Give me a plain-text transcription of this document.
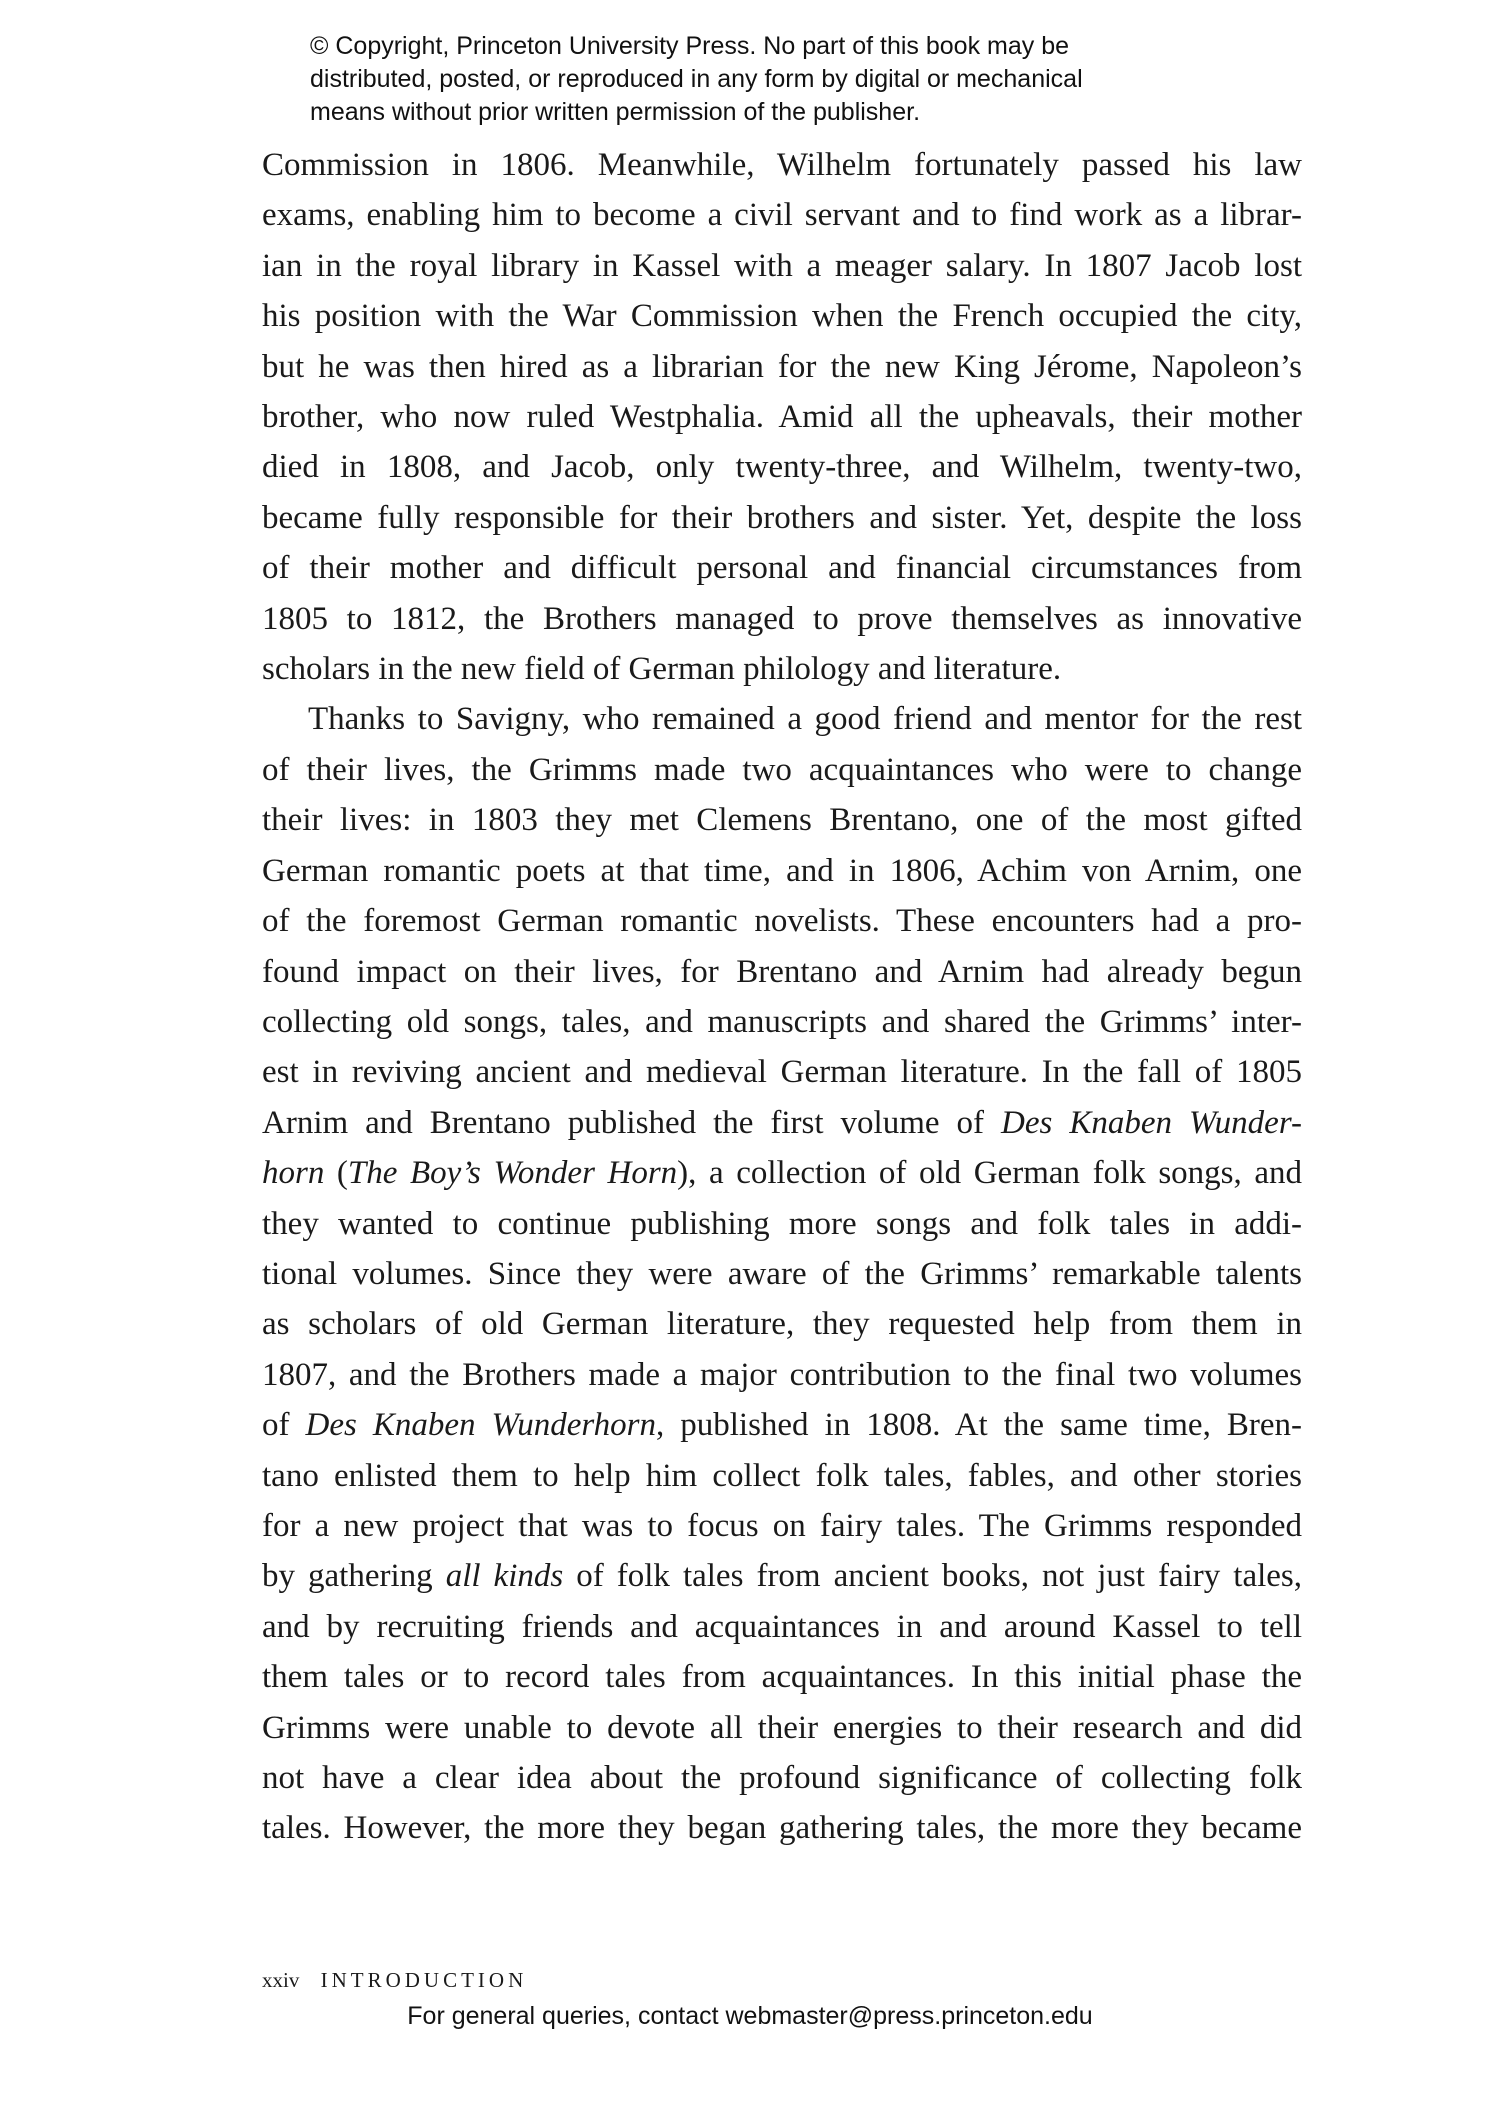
© Copyright, Princeton University Press. No part of this book may be
distributed, posted, or reproduced in any form by digital or mechanical
means without prior written permission of the publisher.
Commission in 1806. Meanwhile, Wilhelm fortunately passed his law
exams, enabling him to become a civil servant and to find work as a librar-
ian in the royal library in Kassel with a meager salary. In 1807 Jacob lost
his position with the War Commission when the French occupied the city,
but he was then hired as a librarian for the new King Jérome, Napoleon’s
brother, who now ruled Westphalia. Amid all the upheavals, their mother
died in 1808, and Jacob, only twenty-three, and Wilhelm, twenty-two,
became fully responsible for their brothers and sister. Yet, despite the loss
of their mother and difficult personal and financial circumstances from
1805 to 1812, the Brothers managed to prove themselves as innovative
scholars in the new field of German philology and literature.
Thanks to Savigny, who remained a good friend and mentor for the rest
of their lives, the Grimms made two acquaintances who were to change
their lives: in 1803 they met Clemens Brentano, one of the most gifted
German romantic poets at that time, and in 1806, Achim von Arnim, one
of the foremost German romantic novelists. These encounters had a pro-
found impact on their lives, for Brentano and Arnim had already begun
collecting old songs, tales, and manuscripts and shared the Grimms’ inter-
est in reviving ancient and medieval German literature. In the fall of 1805
Arnim and Brentano published the first volume of Des Knaben Wunder-
horn (The Boy’s Wonder Horn), a collection of old German folk songs, and
they wanted to continue publishing more songs and folk tales in addi-
tional volumes. Since they were aware of the Grimms’ remarkable talents
as scholars of old German literature, they requested help from them in
1807, and the Brothers made a major contribution to the final two volumes
of Des Knaben Wunderhorn, published in 1808. At the same time, Bren-
tano enlisted them to help him collect folk tales, fables, and other stories
for a new project that was to focus on fairy tales. The Grimms responded
by gathering all kinds of folk tales from ancient books, not just fairy tales,
and by recruiting friends and acquaintances in and around Kassel to tell
them tales or to record tales from acquaintances. In this initial phase the
Grimms were unable to devote all their energies to their research and did
not have a clear idea about the profound significance of collecting folk
tales. However, the more they began gathering tales, the more they became
xxiv INTRODUCTION
For general queries, contact webmaster@press.princeton.edu
